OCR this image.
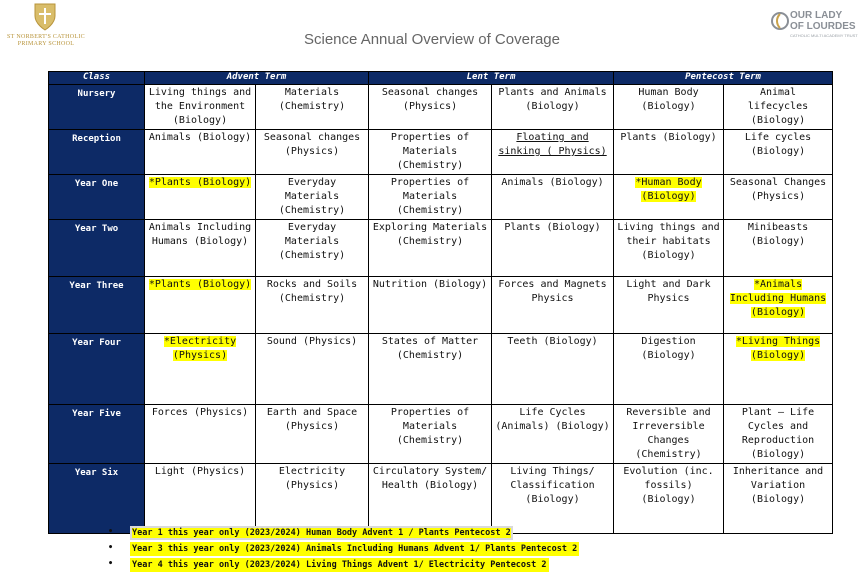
ST NORBERT'S CATHOLIC PRIMARY SCHOOL
OUR LADY
OF LOURDES
CATHOLIC MULTI ACADEMY TRUST
Science Annual Overview of Coverage
Class	Advent Term		Lent Term		Pentecost Term	
Nursery	Living things and the Environment (Biology)	Materials (Chemistry)	Seasonal changes (Physics)	Plants and Animals (Biology)	Human Body (Biology)	Animal lifecycles (Biology)
Reception	Animals (Biology)	Seasonal changes (Physics)	Properties of Materials (Chemistry)	Floating and sinking ( Physics)	Plants (Biology)	Life cycles (Biology)
Year One	*Plants (Biology)	Everyday Materials (Chemistry)	Properties of Materials (Chemistry)	Animals (Biology)	*Human Body (Biology)	Seasonal Changes (Physics)
Year Two	Animals Including Humans (Biology)	Everyday Materials (Chemistry)	Exploring Materials (Chemistry)	Plants (Biology)	Living things and their habitats (Biology)	Minibeasts (Biology)
Year Three	*Plants (Biology)	Rocks and Soils (Chemistry)	Nutrition (Biology)	Forces and Magnets Physics	Light and Dark Physics	*Animals Including Humans (Biology)
Year Four	*Electricity (Physics)	Sound (Physics)	States of Matter (Chemistry)	Teeth (Biology)	Digestion (Biology)	*Living Things (Biology)
Year Five	Forces (Physics)	Earth and Space (Physics)	Properties of Materials (Chemistry)	Life Cycles (Animals) (Biology)	Reversible and Irreversible Changes (Chemistry)	Plant – Life Cycles and Reproduction (Biology)
Year Six	Light (Physics)	Electricity (Physics)	Circulatory System/ Health (Biology)	Living Things/ Classification (Biology)	Evolution (inc. fossils) (Biology)	Inheritance and Variation (Biology)
• Year 1 this year only (2023/2024) Human Body Advent 1 / Plants Pentecost 2
• Year 3 this year only (2023/2024) Animals Including Humans Advent 1/ Plants Pentecost 2
• Year 4 this year only (2023/2024) Living Things Advent 1/ Electricity Pentecost 2
